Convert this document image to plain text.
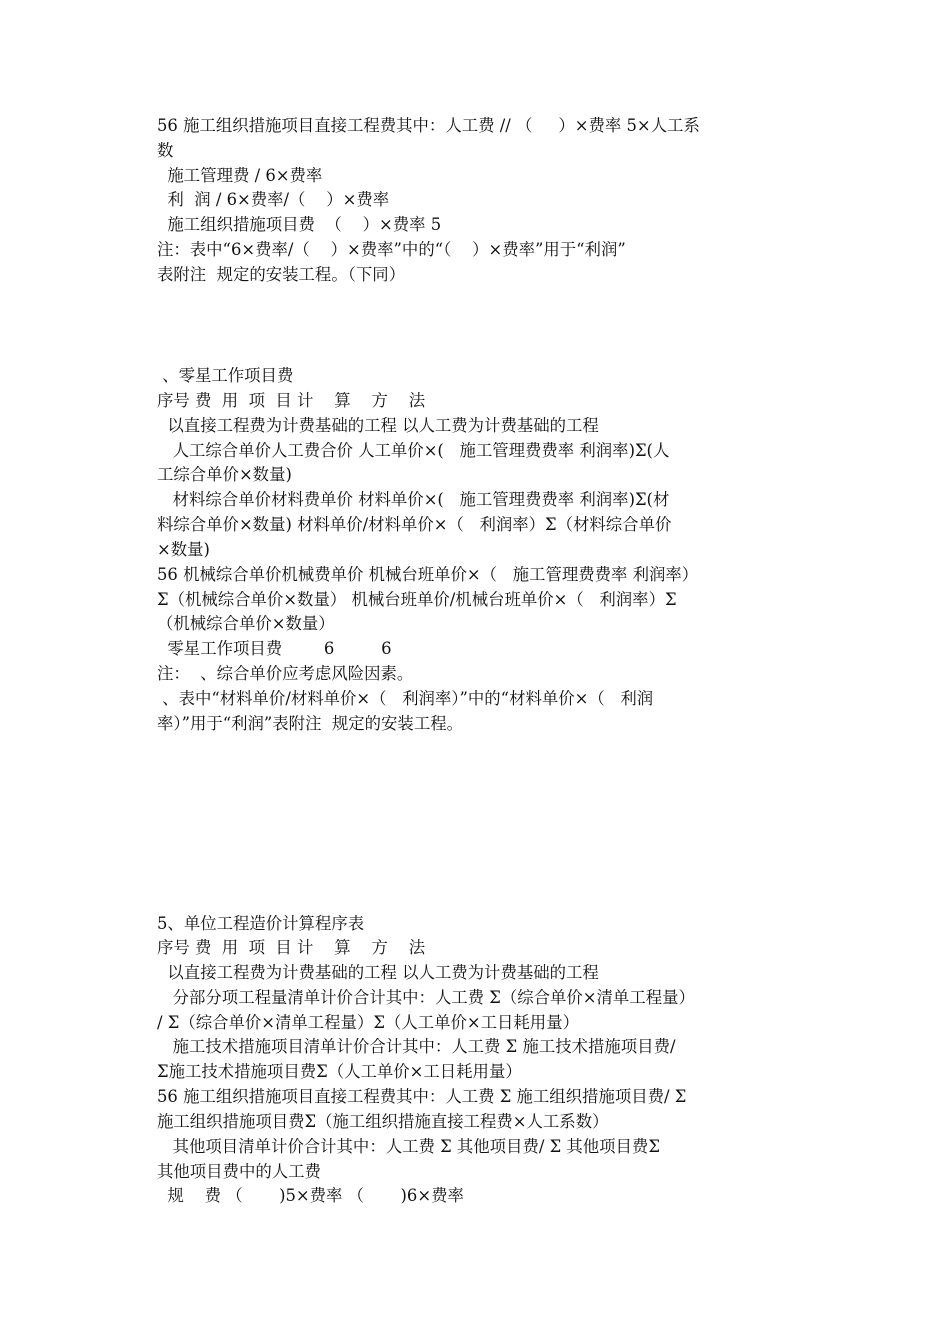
56 施工组织措施项目直接工程费其中：人工费 // （     ）×费率 5×人工系
数
施工管理费 / 6×费率
利  润 / 6×费率/（    ）×费率
施工组织措施项目费  （    ）×费率 5
注：表中“6×费率/（    ）×费率”中的“（    ）×费率”用于“利润”
表附注  规定的安装工程。（下同）
、零星工作项目费
序号 费  用  项  目 计    算    方    法
以直接工程费为计费基础的工程 以人工费为计费基础的工程
人工综合单价人工费合价 人工单价×(   施工管理费费率 利润率)Σ(人
工综合单价×数量)
材料综合单价材料费单价 材料单价×(   施工管理费费率 利润率)Σ(材
料综合单价×数量) 材料单价/材料单价×（   利润率）Σ（材料综合单价
×数量)
56 机械综合单价机械费单价 机械台班单价×（   施工管理费费率 利润率）
Σ（机械综合单价×数量） 机械台班单价/机械台班单价×（   利润率）Σ
（机械综合单价×数量）
零星工作项目费        6         6
注：  、综合单价应考虑风险因素。
、表中“材料单价/材料单价×（   利润率）”中的“材料单价×（   利润
率）”用于“利润”表附注  规定的安装工程。
5、单位工程造价计算程序表
序号 费  用  项  目 计    算    方    法
以直接工程费为计费基础的工程 以人工费为计费基础的工程
分部分项工程量清单计价合计其中：人工费 Σ（综合单价×清单工程量）
/ Σ（综合单价×清单工程量）Σ（人工单价×工日耗用量）
施工技术措施项目清单计价合计其中：人工费 Σ 施工技术措施项目费/
Σ施工技术措施项目费Σ（人工单价×工日耗用量）
56 施工组织措施项目直接工程费其中：人工费 Σ 施工组织措施项目费/ Σ
施工组织措施项目费Σ（施工组织措施直接工程费×人工系数）
其他项目清单计价合计其中：人工费 Σ 其他项目费/ Σ 其他项目费Σ
其他项目费中的人工费
规    费 （       )5×费率 （       )6×费率
